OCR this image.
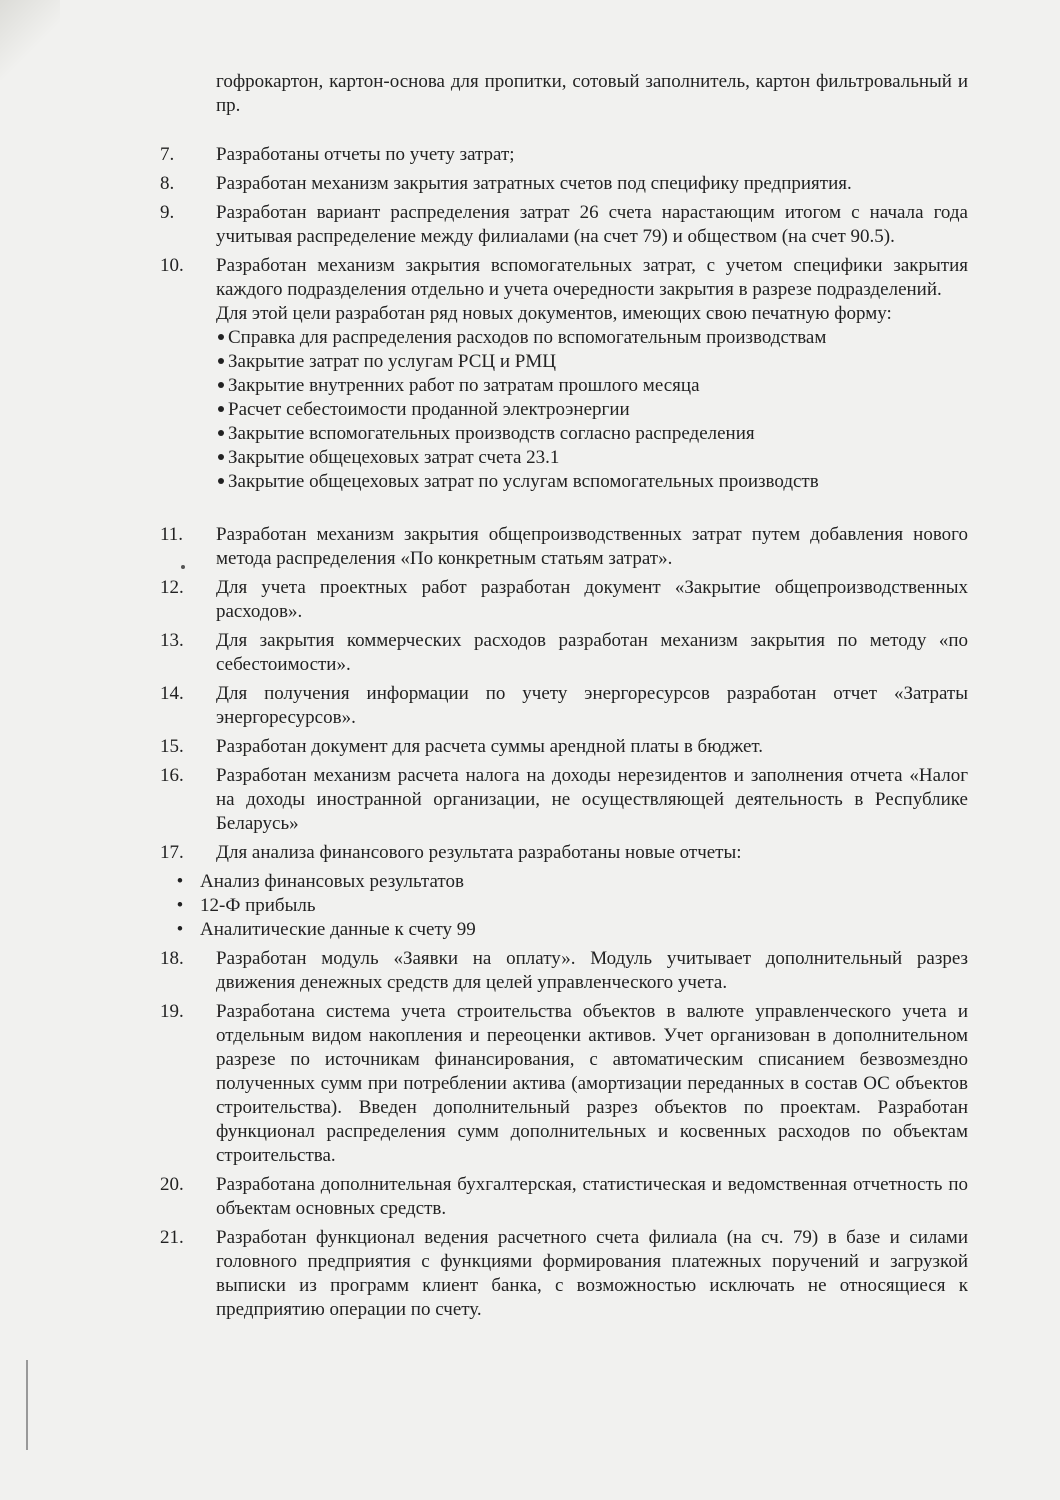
гофрокартон, картон-основа для пропитки, сотовый заполнитель, картон фильтровальный и пр.
7.	Разработаны отчеты по учету затрат;
8.	Разработан механизм закрытия затратных счетов под специфику предприятия.
9.	Разработан вариант распределения затрат 26 счета нарастающим итогом с начала года учитывая распределение между филиалами (на счет 79) и обществом (на счет 90.5).
10.	Разработан механизм закрытия вспомогательных затрат, с учетом специфики закрытия каждого подразделения отдельно и учета очередности закрытия в разрезе подразделений.
Для этой цели разработан ряд новых документов, имеющих свою печатную форму:
Справка для распределения расходов по вспомогательным производствам
Закрытие затрат по услугам РСЦ и РМЦ
Закрытие внутренних работ по затратам прошлого месяца
Расчет себестоимости проданной электроэнергии
Закрытие вспомогательных производств согласно распределения
Закрытие общецеховых затрат счета 23.1
Закрытие общецеховых затрат по услугам вспомогательных производств
11.	Разработан механизм закрытия общепроизводственных затрат путем добавления нового метода распределения «По конкретным статьям затрат».
12.	Для учета проектных работ разработан документ «Закрытие общепроизводственных расходов».
13.	Для закрытия коммерческих расходов разработан механизм закрытия по методу «по себестоимости».
14.	Для получения информации по учету энергоресурсов разработан отчет «Затраты энергоресурсов».
15.	Разработан документ для расчета суммы арендной платы в бюджет.
16.	Разработан механизм расчета налога на доходы нерезидентов и заполнения отчета «Налог на доходы иностранной организации, не осуществляющей деятельность в Республике Беларусь»
17.	Для анализа финансового результата разработаны новые отчеты:
• Анализ финансовых результатов
• 12-Ф прибыль
• Аналитические данные к счету 99
18.	Разработан модуль «Заявки на оплату». Модуль учитывает дополнительный разрез движения денежных средств для целей управленческого учета.
19.	Разработана система учета строительства объектов в валюте управленческого учета и отдельным видом накопления и переоценки активов. Учет организован в дополнительном разрезе по источникам финансирования, с автоматическим списанием безвозмездно полученных сумм при потреблении актива (амортизации переданных в состав ОС объектов строительства). Введен дополнительный разрез объектов по проектам. Разработан функционал распределения сумм дополнительных и косвенных расходов по объектам строительства.
20.	Разработана дополнительная бухгалтерская, статистическая и ведомственная отчетность по объектам основных средств.
21.	Разработан функционал ведения расчетного счета филиала (на сч. 79) в базе и силами головного предприятия с функциями формирования платежных поручений и загрузкой выписки из программ клиент банка, с возможностью исключать не относящиеся к предприятию операции по счету.
